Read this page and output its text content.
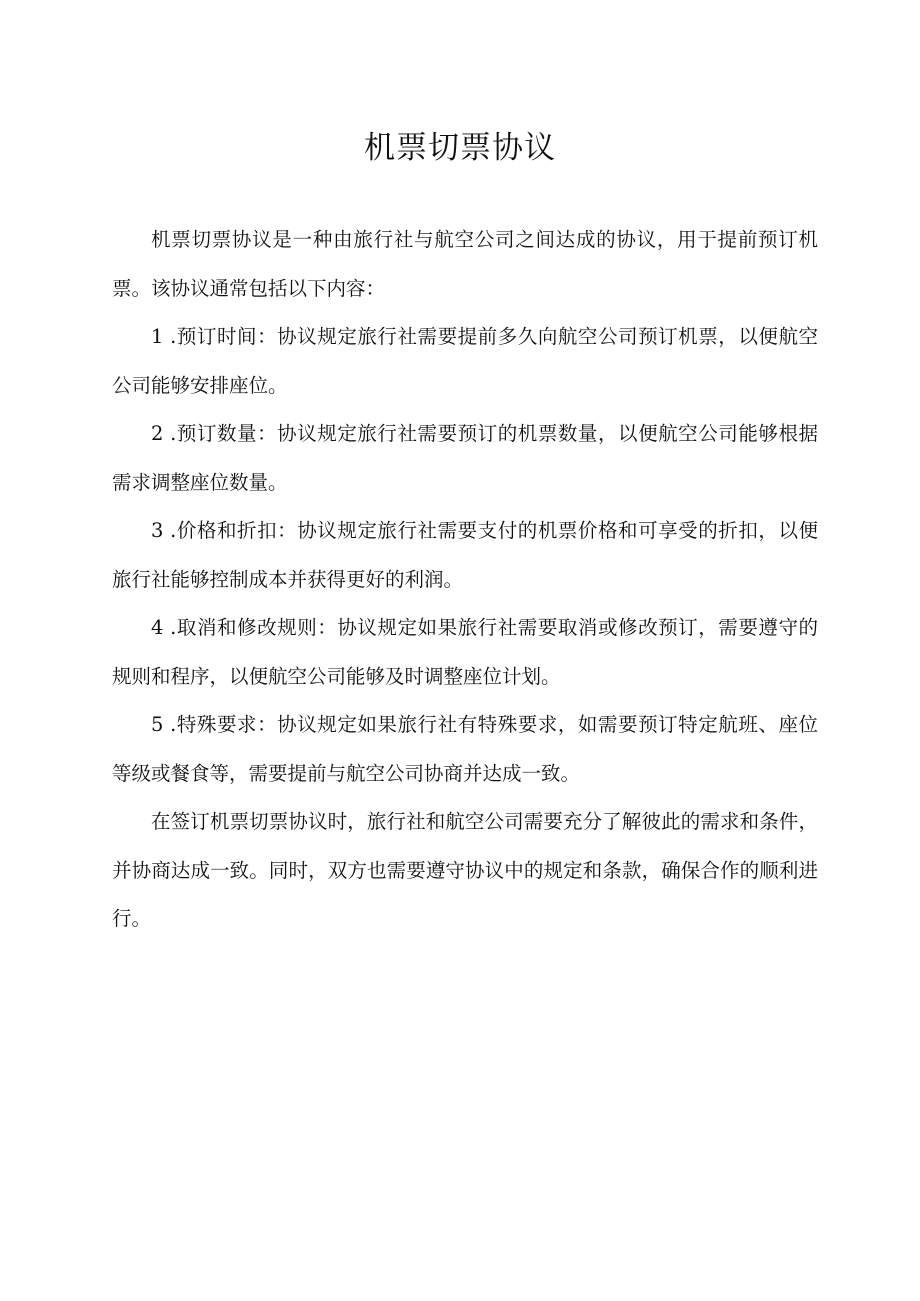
机票切票协议

机票切票协议是一种由旅行社与航空公司之间达成的协议，用于提前预订机票。该协议通常包括以下内容：

1 .预订时间：协议规定旅行社需要提前多久向航空公司预订机票，以便航空公司能够安排座位。

2 .预订数量：协议规定旅行社需要预订的机票数量，以便航空公司能够根据需求调整座位数量。

3 .价格和折扣：协议规定旅行社需要支付的机票价格和可享受的折扣，以便旅行社能够控制成本并获得更好的利润。

4 .取消和修改规则：协议规定如果旅行社需要取消或修改预订，需要遵守的规则和程序，以便航空公司能够及时调整座位计划。

5 .特殊要求：协议规定如果旅行社有特殊要求，如需要预订特定航班、座位等级或餐食等，需要提前与航空公司协商并达成一致。

在签订机票切票协议时，旅行社和航空公司需要充分了解彼此的需求和条件，并协商达成一致。同时，双方也需要遵守协议中的规定和条款，确保合作的顺利进行。
